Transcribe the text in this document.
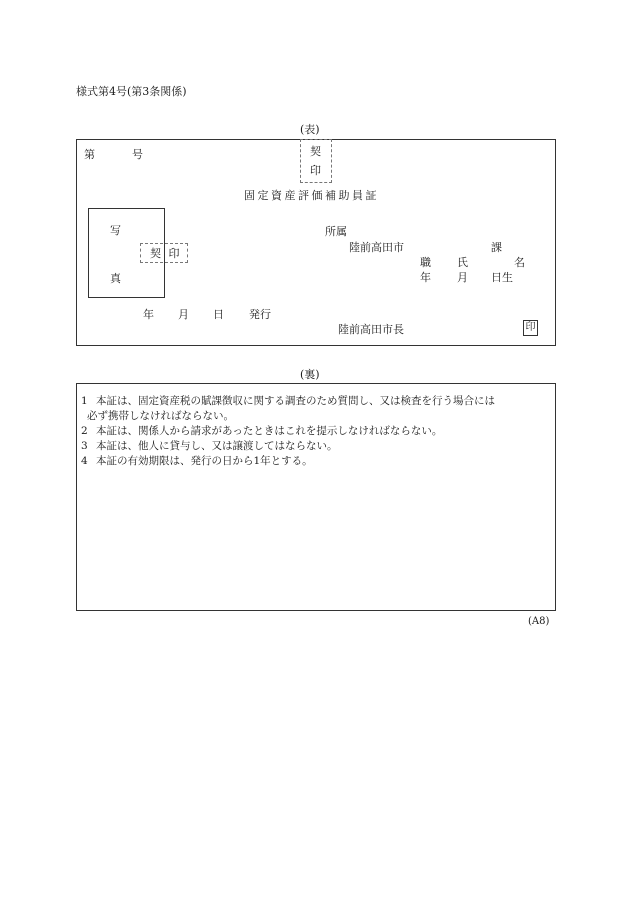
様式第4号(第3条関係)
(表)
第	号	契
印
固定資産評価補助員証
写
真
契 印
所属
陸前高田市	課
職 氏	名
年 月 日生
年 月 日 発行
陸前高田市長	印
(裏)
1 本証は、固定資産税の賦課徴収に関する調査のため質問し、又は検査を行う場合には
必ず携帯しなければならない。
2 本証は、関係人から請求があったときはこれを提示しなければならない。
3 本証は、他人に貸与し、又は譲渡してはならない。
4 本証の有効期限は、発行の日から1年とする。
(A8)
